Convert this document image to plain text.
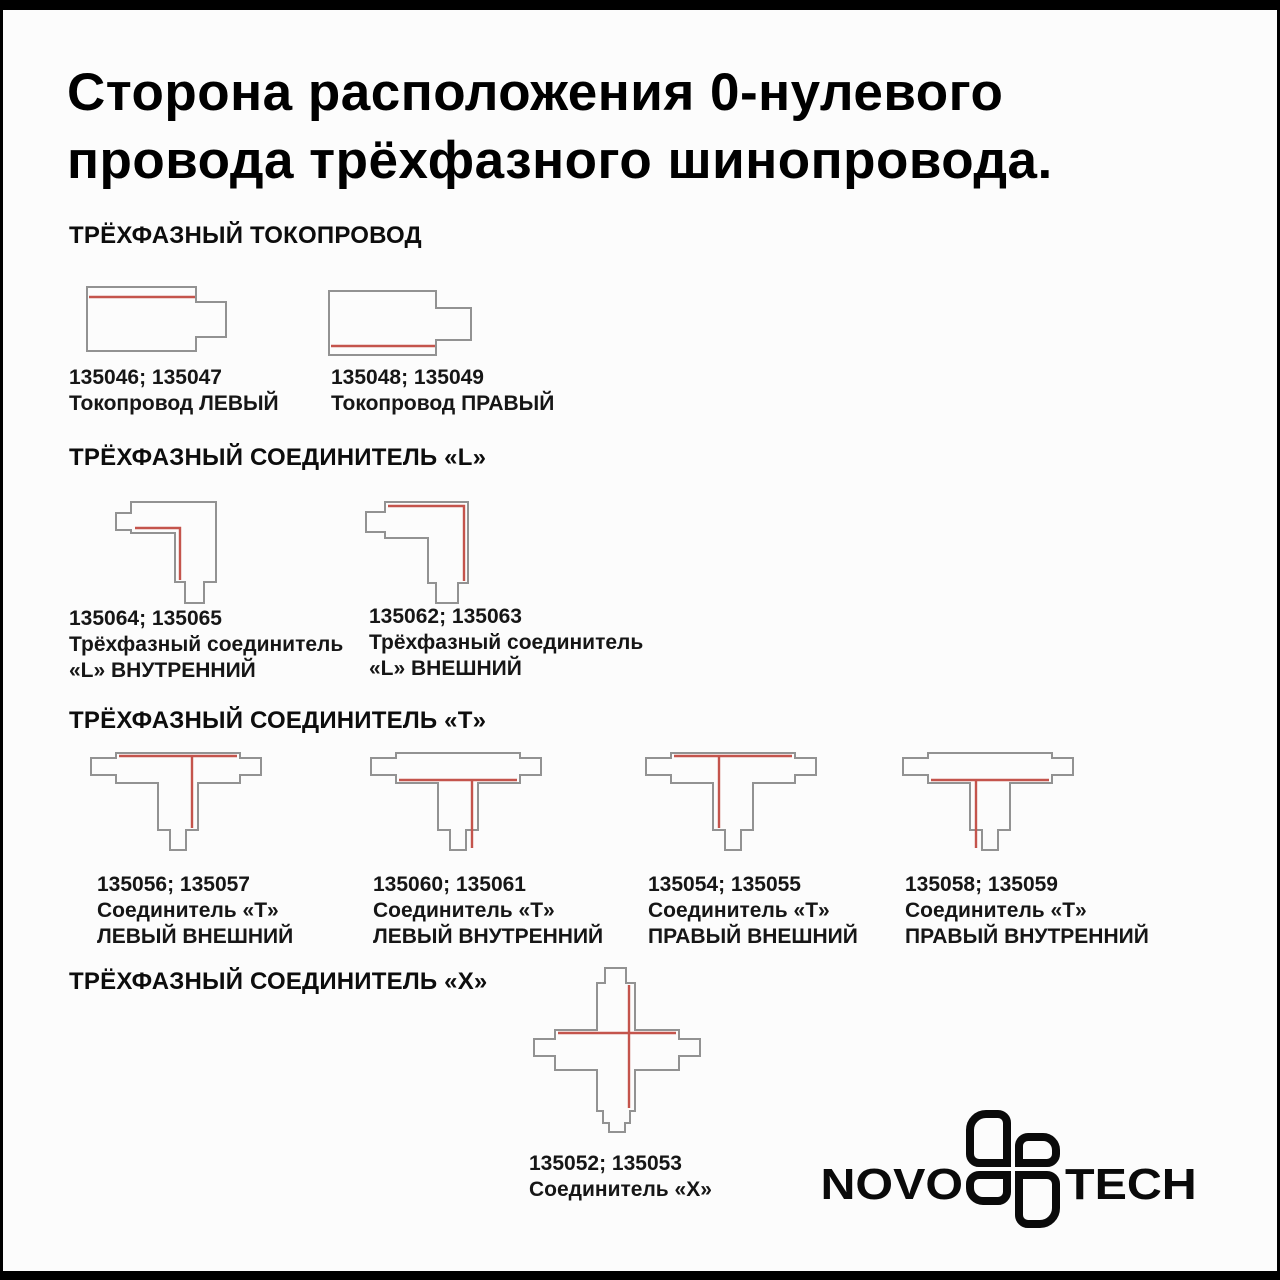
Сторона расположения 0-нулевого
провода трёхфазного шинопровода.
ТРЁХФАЗНЫЙ ТОКОПРОВОД
ТРЁХФАЗНЫЙ СОЕДИНИТЕЛЬ «L»
ТРЁХФАЗНЫЙ СОЕДИНИТЕЛЬ «Т»
ТРЁХФАЗНЫЙ СОЕДИНИТЕЛЬ «Х»
135046; 135047
Токопровод ЛЕВЫЙ
135048; 135049
Токопровод ПРАВЫЙ
135064; 135065
Трёхфазный соединитель
«L» ВНУТРЕННИЙ
135062; 135063
Трёхфазный соединитель
«L» ВНЕШНИЙ
135056; 135057
Соединитель «Т»
ЛЕВЫЙ ВНЕШНИЙ
135060; 135061
Соединитель «Т»
ЛЕВЫЙ ВНУТРЕННИЙ
135054; 135055
Соединитель «Т»
ПРАВЫЙ ВНЕШНИЙ
135058; 135059
Соединитель «Т»
ПРАВЫЙ ВНУТРЕННИЙ
135052; 135053
Соединитель «Х» NOVO TECH
